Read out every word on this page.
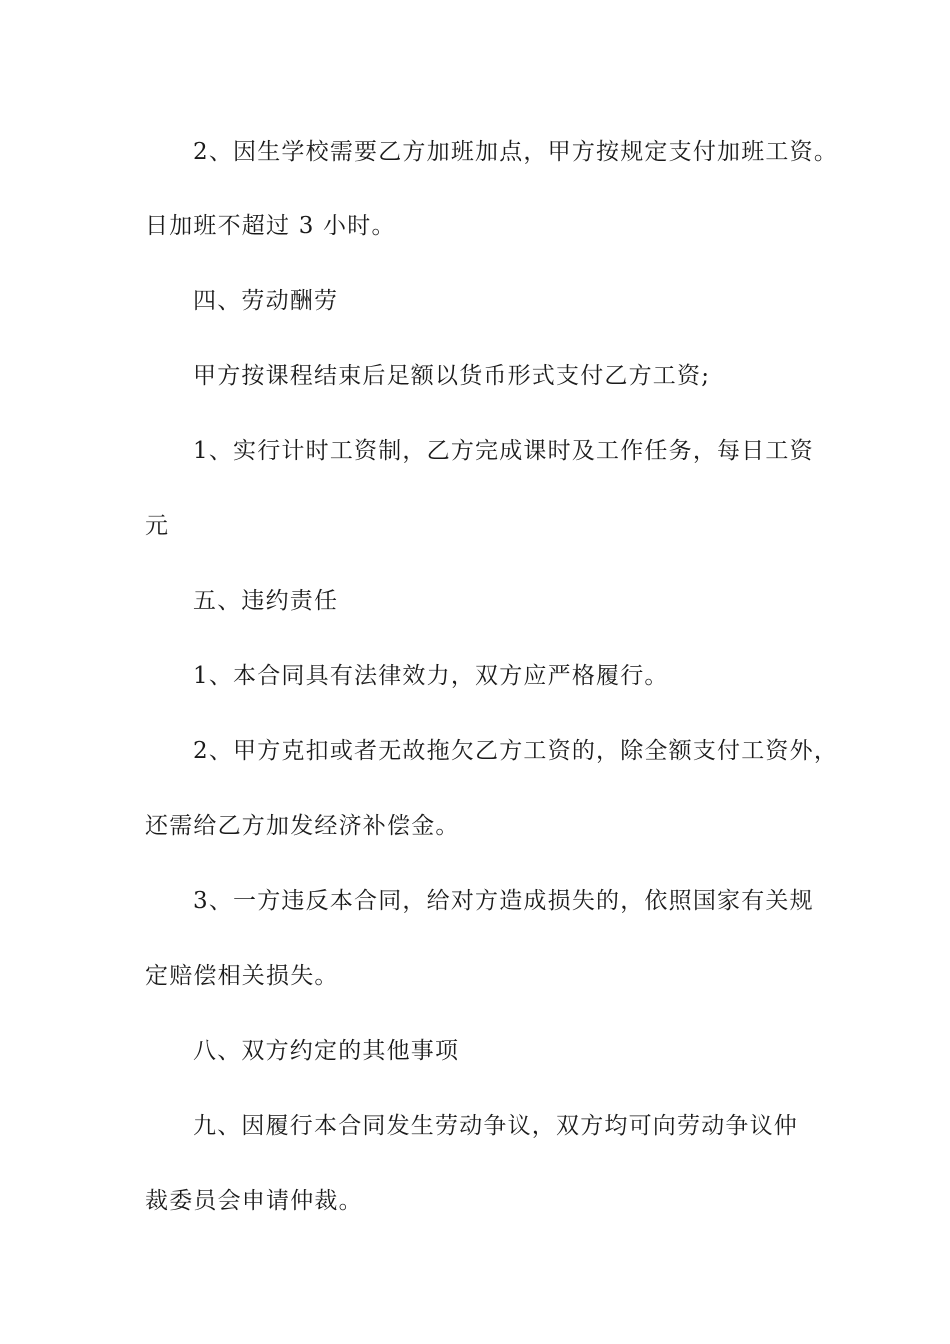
2、因生学校需要乙方加班加点，甲方按规定支付加班工资。

日加班不超过 3 小时。

四、劳动酬劳

甲方按课程结束后足额以货币形式支付乙方工资;

1、实行计时工资制，乙方完成课时及工作任务，每日工资

元

五、违约责任

1、本合同具有法律效力，双方应严格履行。

2、甲方克扣或者无故拖欠乙方工资的，除全额支付工资外，

还需给乙方加发经济补偿金。

3、一方违反本合同，给对方造成损失的，依照国家有关规

定赔偿相关损失。

八、双方约定的其他事项

九、因履行本合同发生劳动争议，双方均可向劳动争议仲

裁委员会申请仲裁。
